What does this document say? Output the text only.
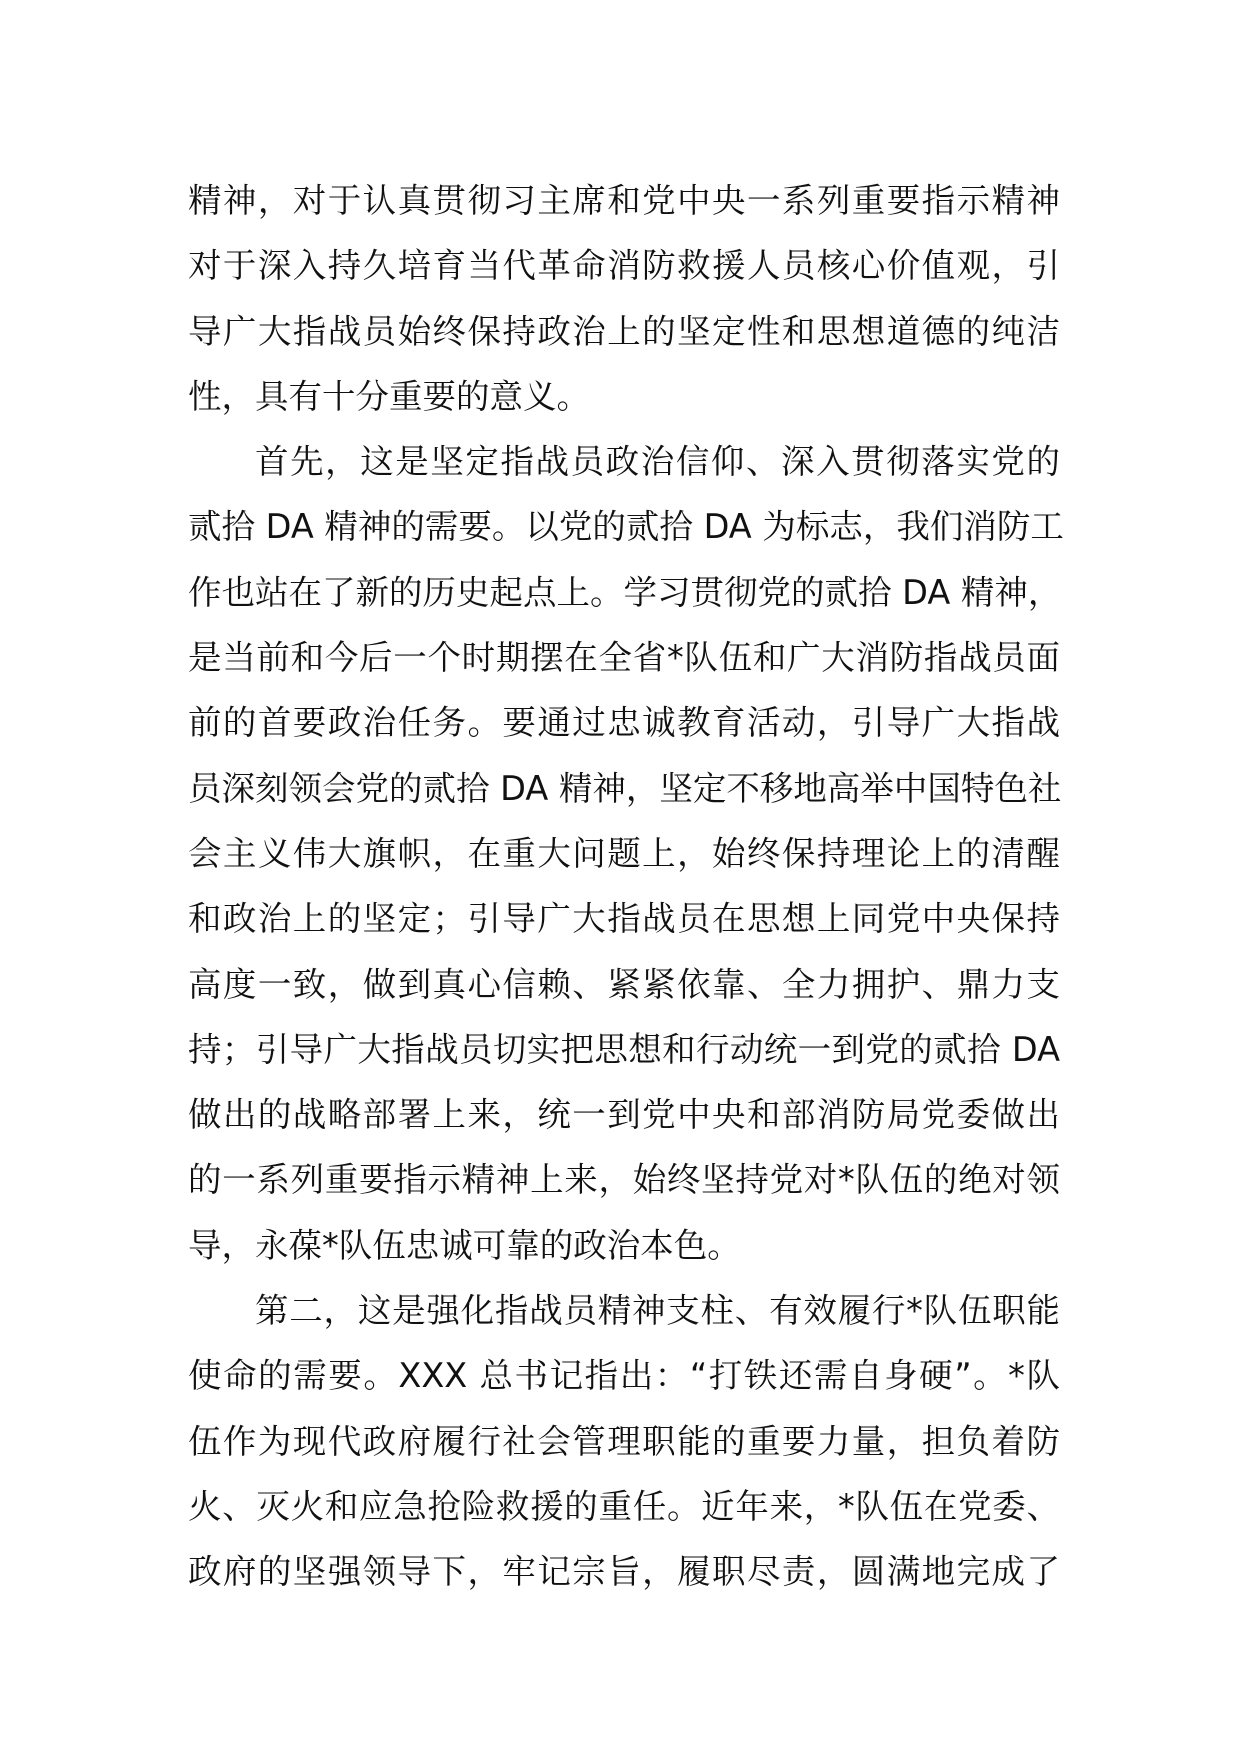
精神，对于认真贯彻习主席和党中央一系列重要指示精神
对于深入持久培育当代革命消防救援人员核心价值观，引
导广大指战员始终保持政治上的坚定性和思想道德的纯洁
性，具有十分重要的意义。
首先，这是坚定指战员政治信仰、深入贯彻落实党的
贰拾 DA 精神的需要。以党的贰拾 DA 为标志，我们消防工
作也站在了新的历史起点上。学习贯彻党的贰拾 DA 精神，
是当前和今后一个时期摆在全省*队伍和广大消防指战员面
前的首要政治任务。要通过忠诚教育活动，引导广大指战
员深刻领会党的贰拾 DA 精神，坚定不移地高举中国特色社
会主义伟大旗帜，在重大问题上，始终保持理论上的清醒
和政治上的坚定；引导广大指战员在思想上同党中央保持
高度一致，做到真心信赖、紧紧依靠、全力拥护、鼎力支
持；引导广大指战员切实把思想和行动统一到党的贰拾 DA
做出的战略部署上来，统一到党中央和部消防局党委做出
的一系列重要指示精神上来，始终坚持党对*队伍的绝对领
导，永葆*队伍忠诚可靠的政治本色。
第二，这是强化指战员精神支柱、有效履行*队伍职能
使命的需要。XXX 总书记指出：“打铁还需自身硬”。*队
伍作为现代政府履行社会管理职能的重要力量，担负着防
火、灭火和应急抢险救援的重任。近年来，*队伍在党委、
政府的坚强领导下，牢记宗旨，履职尽责，圆满地完成了
